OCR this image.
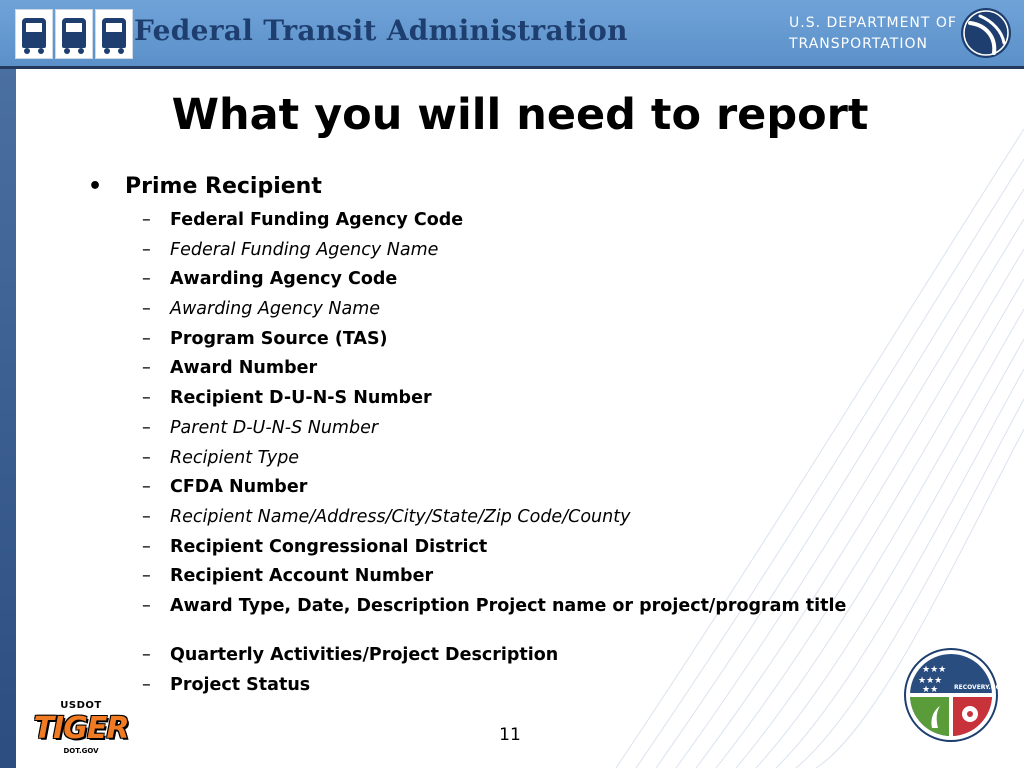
Federal Transit Administration	U.S. DEPARTMENT OF
TRANSPORTATION
What you will need to report
• Prime Recipient
– Federal Funding Agency Code
– Federal Funding Agency Name
– Awarding Agency Code
– Awarding Agency Name
– Program Source (TAS)
– Award Number
– Recipient D-U-N-S Number
– Parent D-U-N-S Number
– Recipient Type
– CFDA Number
– Recipient Name/Address/City/State/Zip Code/County
– Recipient Congressional District
– Recipient Account Number
– Award Type, Date, Description Project name or project/program title
– Quarterly Activities/Project Description
– Project Status
USDOT
TIGER
DOT.GOV
11
★★★
★★★
★★	RECOVERY.GOV
